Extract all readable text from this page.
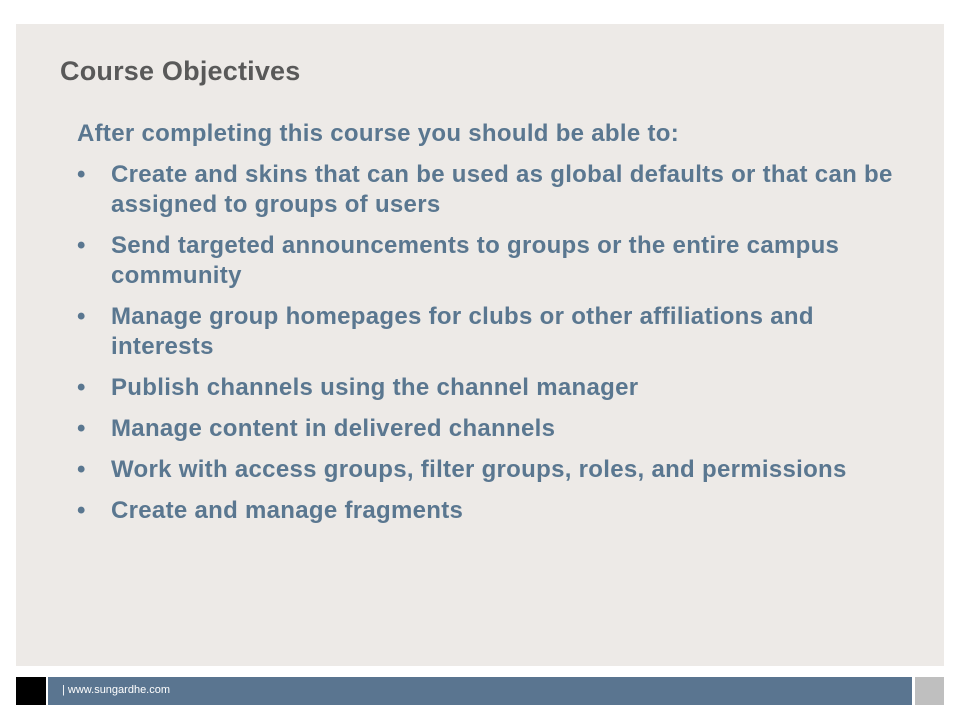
Course Objectives

After completing this course you should be able to:

• Create and skins that can be used as global defaults or that can be assigned to groups of users
• Send targeted announcements to groups or the entire campus community
• Manage group homepages for clubs or other affiliations and interests
• Publish channels using the channel manager
• Manage content in delivered channels
• Work with access groups, filter groups, roles, and permissions
• Create and manage fragments
| www.sungardhe.com
